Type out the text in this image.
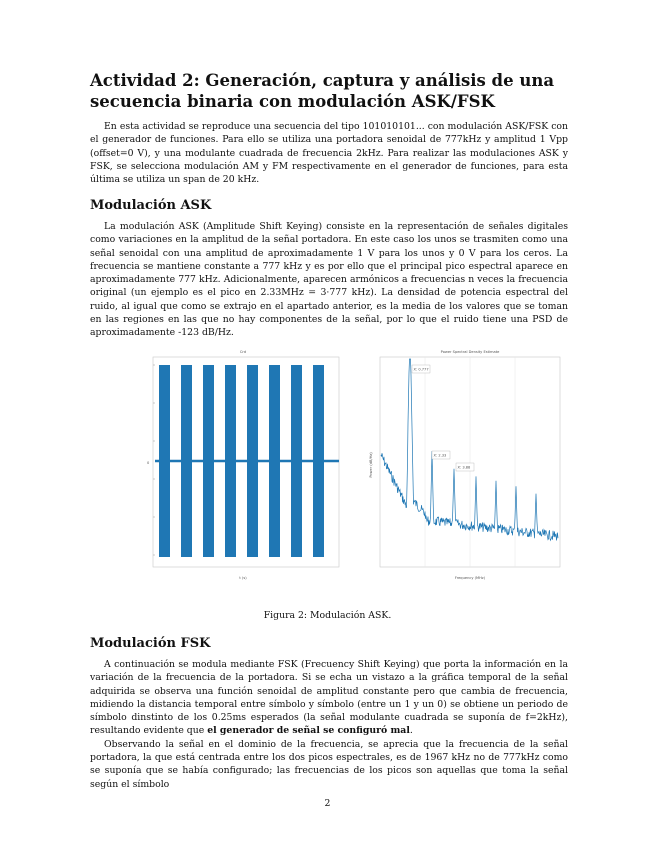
Actividad 2: Generación, captura y análisis de una secuencia binaria con modulación ASK/FSK

En esta actividad se reproduce una secuencia del tipo 101010101... con modulación ASK/FSK con el generador de funciones. Para ello se utiliza una portadora senoidal de 777kHz y amplitud 1 Vpp (offset=0 V), y una modulante cuadrada de frecuencia 2kHz. Para realizar las modulaciones ASK y FSK, se selecciona modulación AM y FM respectivamente en el generador de funciones, para esta última se utiliza un span de 20 kHz.

Modulación ASK

La modulación ASK (Amplitude Shift Keying) consiste en la representación de señales digitales como variaciones en la amplitud de la señal portadora. En este caso los unos se trasmiten como una señal senoidal con una amplitud de aproximadamente 1 V para los unos y 0 V para los ceros. La frecuencia se mantiene constante a 777 kHz y es por ello que el principal pico espectral aparece en aproximadamente 777 kHz. Adicionalmente, aparecen armónicos a frecuencias n veces la frecuencia original (un ejemplo es el pico en 2.33MHz = 3·777 kHz). La densidad de potencia espectral del ruido, al igual que como se extrajo en el apartado anterior, es la media de los valores que se toman en las regiones en las que no hay componentes de la señal, por lo que el ruido tiene una PSD de aproximadamente -123 dB/Hz.

Crd
0
t (s)
Power Spectral Density Estimate
Frequency (MHz)
Power (dB/Hz)
X: 0.777
X: 2.33
X: 3.88
Figura 2: Modulación ASK.
Modulación FSK

A continuación se modula mediante FSK (Frecuency Shift Keying) que porta la información en la variación de la frecuencia de la portadora. Si se echa un vistazo a la gráfica temporal de la señal adquirida se observa una función senoidal de amplitud constante pero que cambia de frecuencia, midiendo la distancia temporal entre símbolo y símbolo (entre un 1 y un 0) se obtiene un periodo de símbolo dinstinto de los 0.25ms esperados (la señal modulante cuadrada se suponía de f=2kHz), resultando evidente que el generador de señal se configuró mal.

Observando la señal en el dominio de la frecuencia, se aprecia que la frecuencia de la señal portadora, la que está centrada entre los dos picos espectrales, es de 1967 kHz no de 777kHz como se suponía que se había configurado; las frecuencias de los picos son aquellas que toma la señal según el símbolo

2
